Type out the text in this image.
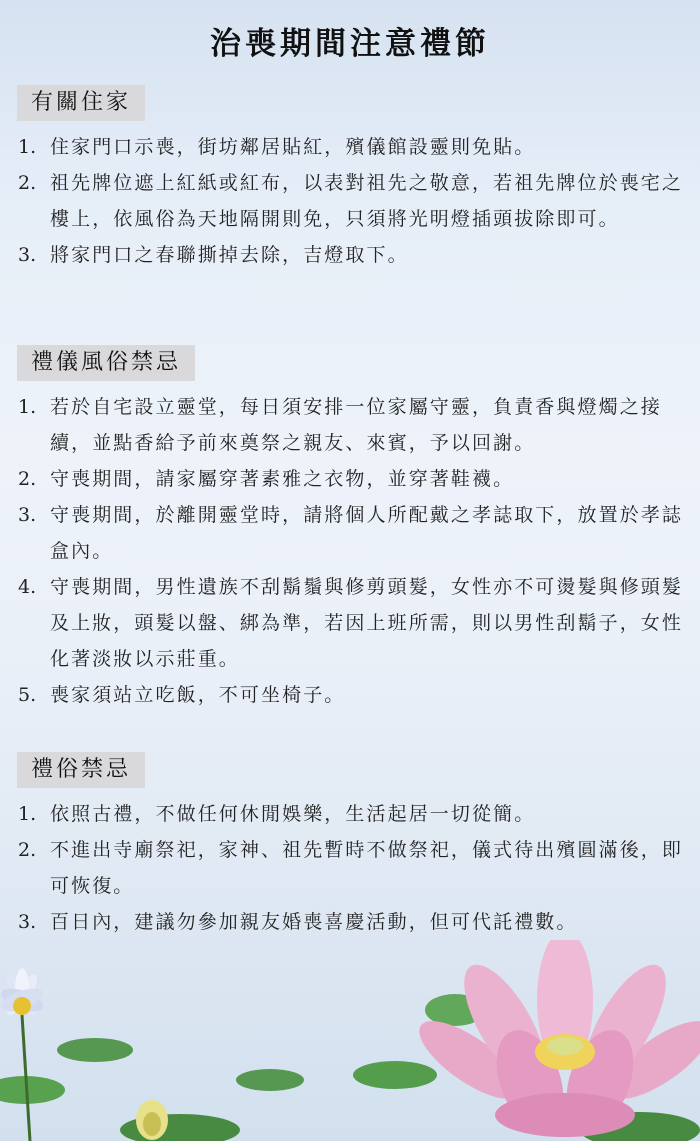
治喪期間注意禮節
有關住家
1. 住家門口示喪，街坊鄰居貼紅，殯儀館設靈則免貼。
2. 祖先牌位遮上紅紙或紅布，以表對祖先之敬意，若祖先牌位於喪宅之樓上，依風俗為天地隔開則免，只須將光明燈插頭拔除即可。
3. 將家門口之春聯撕掉去除，吉燈取下。
禮儀風俗禁忌
1. 若於自宅設立靈堂，每日須安排一位家屬守靈，負責香與燈燭之接續，並點香給予前來奠祭之親友、來賓，予以回謝。
2. 守喪期間，請家屬穿著素雅之衣物，並穿著鞋襪。
3. 守喪期間，於離開靈堂時，請將個人所配戴之孝誌取下，放置於孝誌盒內。
4. 守喪期間，男性遺族不刮鬍鬚與修剪頭髮，女性亦不可燙髮與修頭髮及上妝，頭髮以盤、綁為準，若因上班所需，則以男性刮鬍子，女性化著淡妝以示莊重。
5. 喪家須站立吃飯，不可坐椅子。
禮俗禁忌
1. 依照古禮，不做任何休閒娛樂，生活起居一切從簡。
2. 不進出寺廟祭祀，家神、祖先暫時不做祭祀，儀式待出殯圓滿後，即可恢復。
3. 百日內，建議勿參加親友婚喪喜慶活動，但可代託禮數。
